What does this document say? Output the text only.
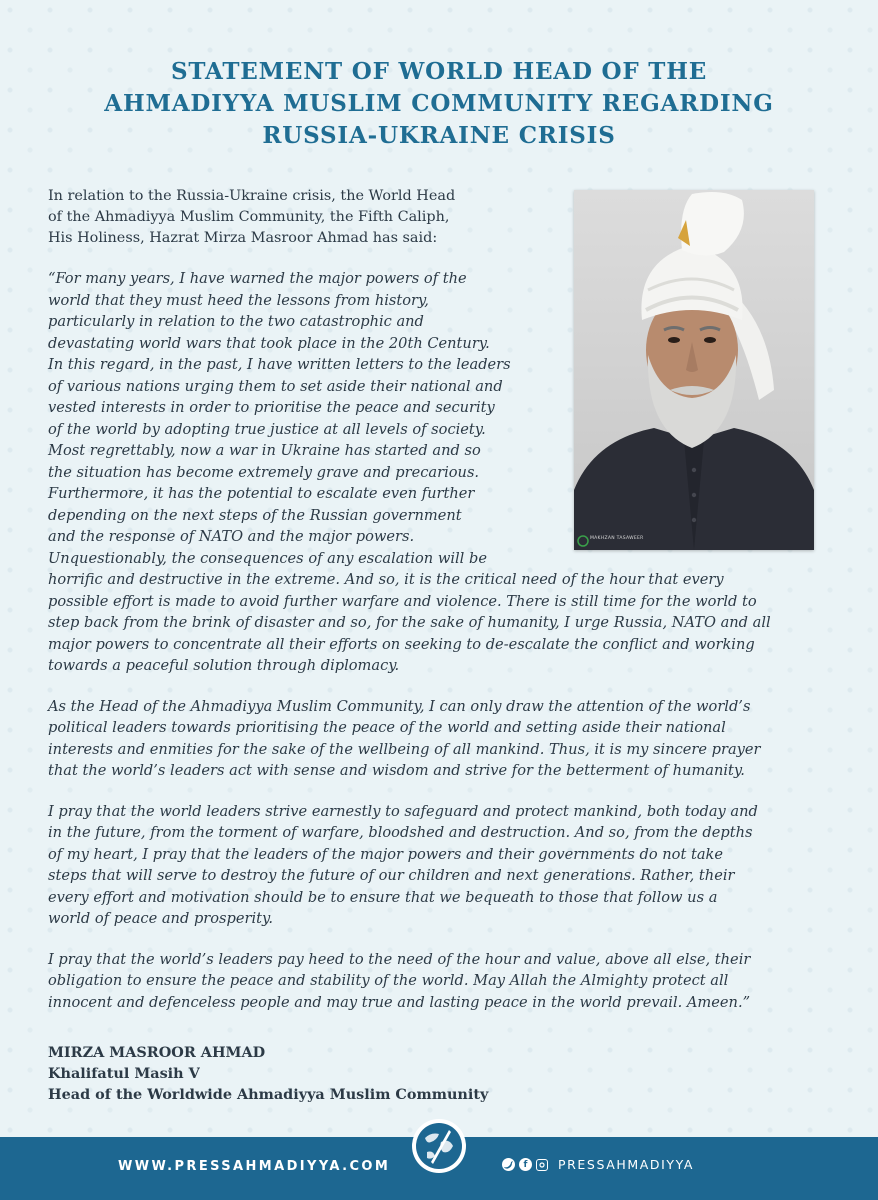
STATEMENT OF WORLD HEAD OF THE
AHMADIYYA MUSLIM COMMUNITY REGARDING
RUSSIA-UKRAINE CRISIS
In relation to the Russia-Ukraine crisis, the World Head
of the Ahmadiyya Muslim Community, the Fifth Caliph,
His Holiness, Hazrat Mirza Masroor Ahmad has said:
MAKHZAN TASAWEER
“For many years, I have warned the major powers of the
world that they must heed the lessons from history,
particularly in relation to the two catastrophic and
devastating world wars that took place in the 20th Century.
In this regard, in the past, I have written letters to the leaders
of various nations urging them to set aside their national and
vested interests in order to prioritise the peace and security
of the world by adopting true justice at all levels of society.
Most regrettably, now a war in Ukraine has started and so
the situation has become extremely grave and precarious.
Furthermore, it has the potential to escalate even further
depending on the next steps of the Russian government
and the response of NATO and the major powers.
Unquestionably, the consequences of any escalation will be
horrific and destructive in the extreme. And so, it is the critical need of the hour that every
possible effort is made to avoid further warfare and violence. There is still time for the world to
step back from the brink of disaster and so, for the sake of humanity, I urge Russia, NATO and all
major powers to concentrate all their efforts on seeking to de-escalate the conflict and working
towards a peaceful solution through diplomacy.
As the Head of the Ahmadiyya Muslim Community, I can only draw the attention of the world’s
political leaders towards prioritising the peace of the world and setting aside their national
interests and enmities for the sake of the wellbeing of all mankind. Thus, it is my sincere prayer
that the world’s leaders act with sense and wisdom and strive for the betterment of humanity.
I pray that the world leaders strive earnestly to safeguard and protect mankind, both today and
in the future, from the torment of warfare, bloodshed and destruction. And so, from the depths
of my heart, I pray that the leaders of the major powers and their governments do not take
steps that will serve to destroy the future of our children and next generations. Rather, their
every effort and motivation should be to ensure that we bequeath to those that follow us a
world of peace and prosperity.
I pray that the world’s leaders pay heed to the need of the hour and value, above all else, their
obligation to ensure the peace and stability of the world. May Allah the Almighty protect all
innocent and defenceless people and may true and lasting peace in the world prevail. Ameen.”
MIRZA MASROOR AHMAD
Khalifatul Masih V
Head of the Worldwide Ahmadiyya Muslim Community
WWW.PRESSAHMADIYYA.COM	f	PRESSAHMADIYYA
